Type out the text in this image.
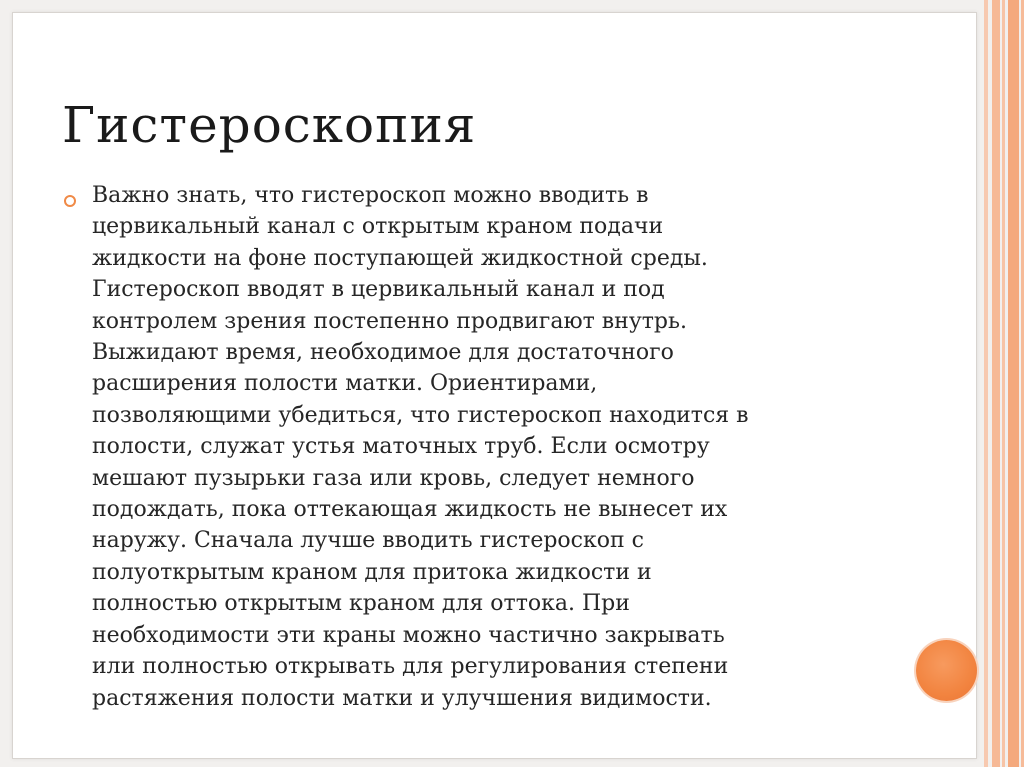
Гистероскопия

Важно знать, что гистероскоп можно вводить в
цервикальный канал с открытым краном подачи
жидкости на фоне поступающей жидкостной среды.
Гистероскоп вводят в цервикальный канал и под
контролем зрения постепенно продвигают внутрь.
Выжидают время, необходимое для достаточного
расширения полости матки. Ориентирами,
позволяющими убедиться, что гистероскоп находится в
полости, служат устья маточных труб. Если осмотру
мешают пузырьки газа или кровь, следует немного
подождать, пока оттекающая жидкость не вынесет их
наружу. Сначала лучше вводить гистероскоп с
полуоткрытым краном для притока жидкости и
полностью открытым краном для оттока. При
необходимости эти краны можно частично закрывать
или полностью открывать для регулирования степени
растяжения полости матки и улучшения видимости.
